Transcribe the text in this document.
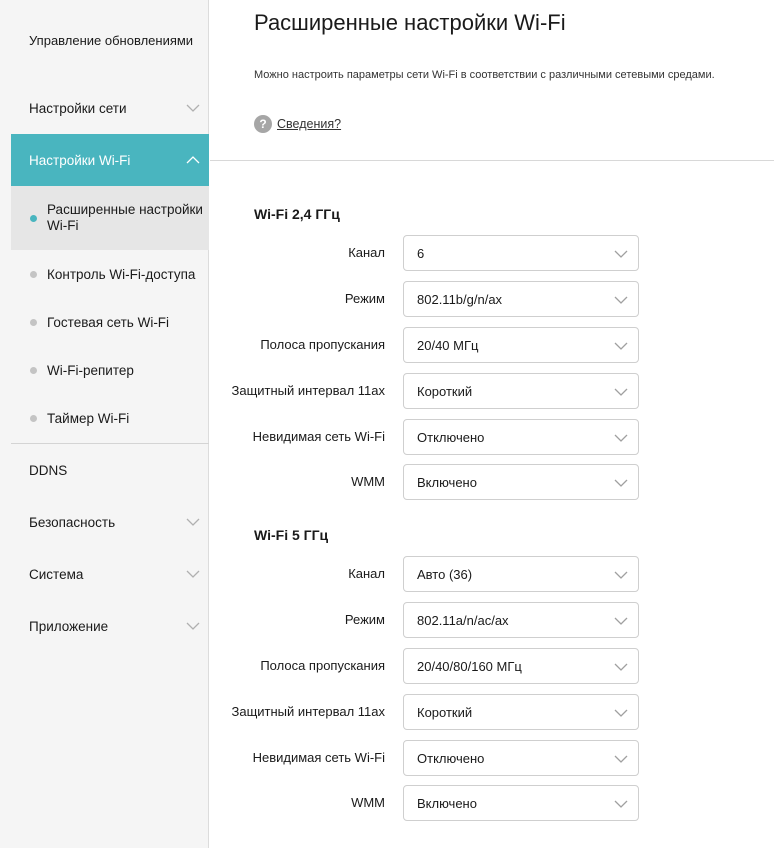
Управление обновлениями
Настройки сети
Настройки Wi-Fi
Расширенные настройки Wi-Fi
Контроль Wi-Fi-доступа
Гостевая сеть Wi-Fi
Wi-Fi-репитер
Таймер Wi-Fi
DDNS
Безопасность
Система
Приложение
Расширенные настройки Wi-Fi
Можно настроить параметры сети Wi-Fi в соответствии с различными сетевыми средами.
? Сведения?
Wi-Fi 2,4 ГГц
Канал 6
Режим 802.11b/g/n/ax
Полоса пропускания 20/40 МГц
Защитный интервал 11ax Короткий
Невидимая сеть Wi-Fi Отключено
WMM Включено
Wi-Fi 5 ГГц
Канал Авто (36)
Режим 802.11a/n/ac/ax
Полоса пропускания 20/40/80/160 МГц
Защитный интервал 11ax Короткий
Невидимая сеть Wi-Fi Отключено
WMM Включено
